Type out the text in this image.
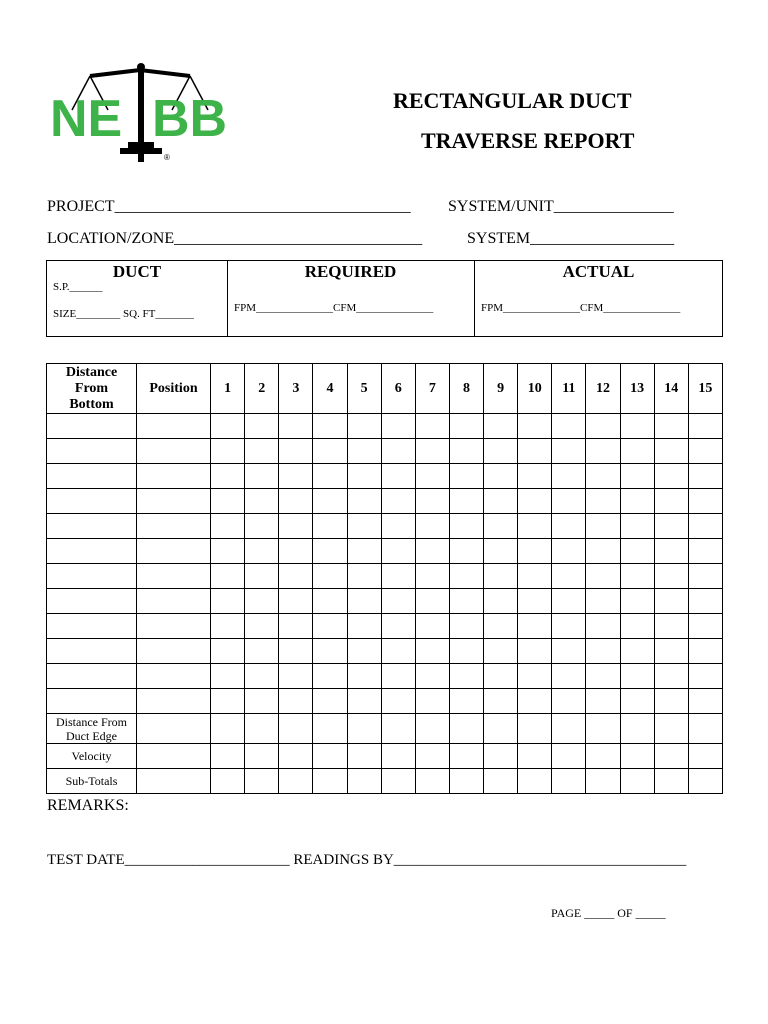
NE BB
®
RECTANGULAR DUCT
TRAVERSE REPORT
PROJECT_____________________________________ SYSTEM/UNIT_______________
LOCATION/ZONE_______________________________	SYSTEM__________________
DUCT
S.P.______
SIZE________ SQ. FT_______
REQUIRED
FPM______________CFM______________
ACTUAL
FPM______________CFM______________
Distance
From
Bottom	Position	1	2	3	4	5	6	7	8	9	10	11	12	13	14	15

Distance From
Duct Edge																

Velocity																

Sub-Totals																

REMARKS:
TEST DATE______________________ READINGS BY_______________________________________
PAGE _____ OF _____
